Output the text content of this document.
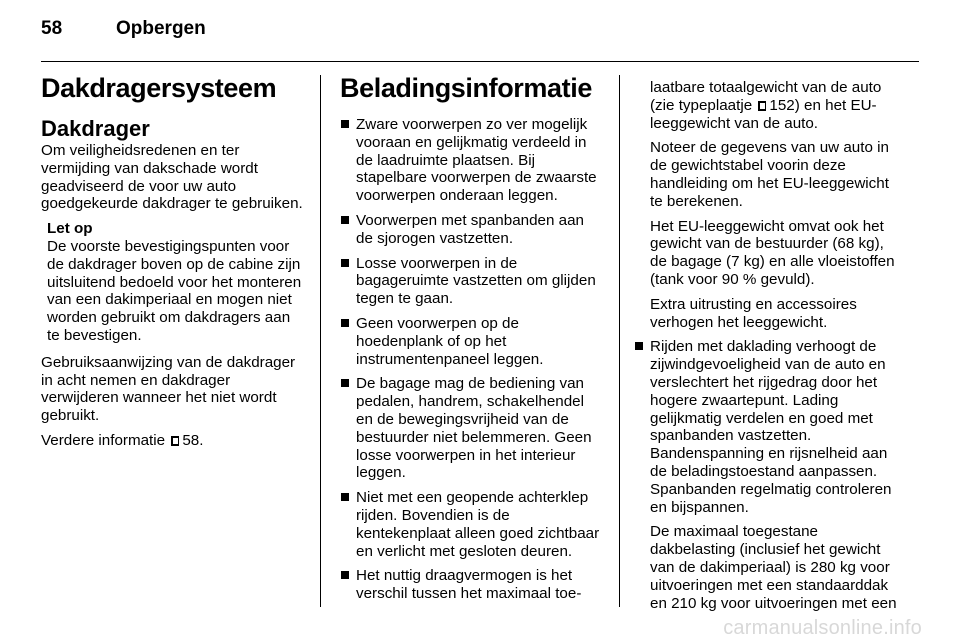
58	Opbergen
Dakdragersysteem
Dakdrager
Om veiligheidsredenen en ter vermijding van dakschade wordt geadviseerd de voor uw auto goedgekeurde dakdrager te gebruiken.
Let op
De voorste bevestigingspunten voor de dakdrager boven op de cabine zijn uitsluitend bedoeld voor het monteren van een dakimperiaal en mogen niet worden gebruikt om dakdragers aan te bevestigen.
Gebruiksaanwijzing van de dakdrager in acht nemen en dakdrager verwijderen wanneer het niet wordt gebruikt.
Verdere informatie 58.
Beladingsinformatie
Zware voorwerpen zo ver mogelijk vooraan en gelijkmatig verdeeld in de laadruimte plaatsen. Bij stapelbare voorwerpen de zwaarste voorwerpen onderaan leggen.
Voorwerpen met spanbanden aan de sjorogen vastzetten.
Losse voorwerpen in de bagageruimte vastzetten om glijden tegen te gaan.
Geen voorwerpen op de hoedenplank of op het instrumentenpaneel leggen.
De bagage mag de bediening van pedalen, handrem, schakelhendel en de bewegingsvrijheid van de bestuurder niet belemmeren. Geen losse voorwerpen in het interieur leggen.
Niet met een geopende achterklep rijden. Bovendien is de kentekenplaat alleen goed zichtbaar en verlicht met gesloten deuren.
Het nuttig draagvermogen is het verschil tussen het maximaal toe-
laatbare totaalgewicht van de auto (zie typeplaatje 152) en het EU-leeggewicht van de auto.
Noteer de gegevens van uw auto in de gewichtstabel voorin deze handleiding om het EU-leeggewicht te berekenen.
Het EU-leeggewicht omvat ook het gewicht van de bestuurder (68 kg), de bagage (7 kg) en alle vloeistoffen (tank voor 90 % gevuld).
Extra uitrusting en accessoires verhogen het leeggewicht.
Rijden met daklading verhoogt de zijwindgevoeligheid van de auto en verslechtert het rijgedrag door het hogere zwaartepunt. Lading gelijkmatig verdelen en goed met spanbanden vastzetten. Bandenspanning en rijsnelheid aan de beladingstoestand aanpassen. Spanbanden regelmatig controleren en bijspannen.
De maximaal toegestane dakbelasting (inclusief het gewicht van de dakimperiaal) is 280 kg voor uitvoeringen met een standaarddak en 210 kg voor uitvoeringen met een
carmanualsonline.info
